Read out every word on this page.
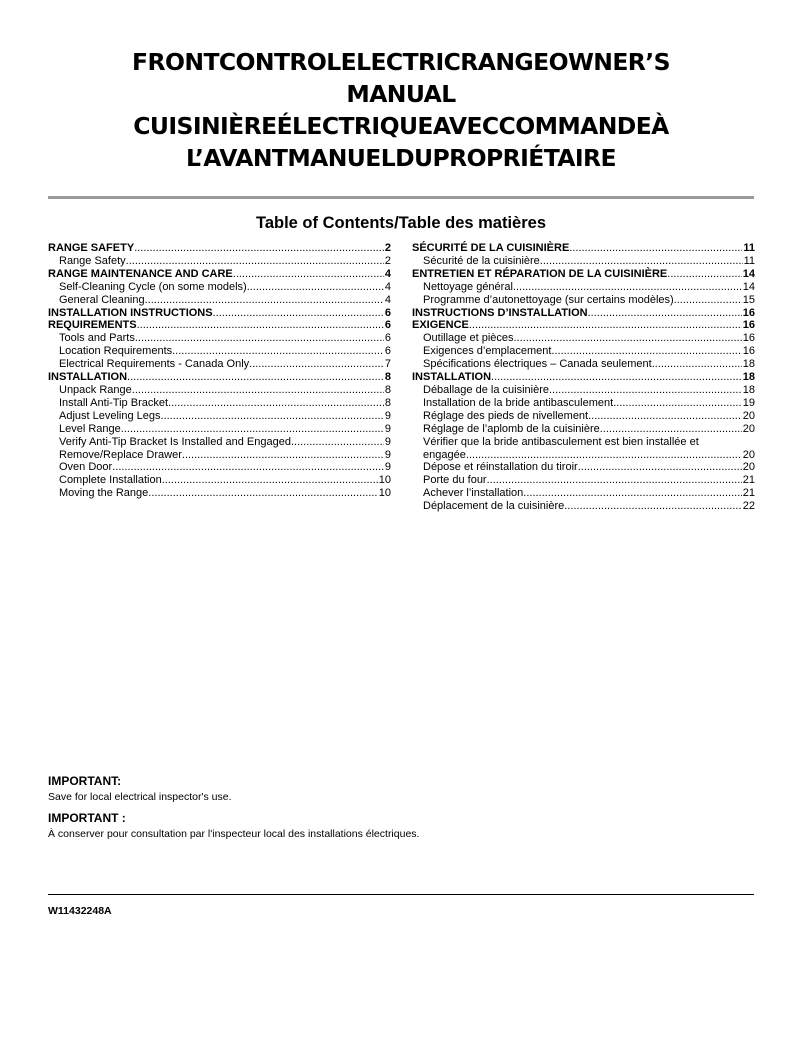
FRONTCONTROLELECTRICRANGEOWNER’S
MANUAL
CUISINIÈREÉLECTRIQUEAVECCOMMANDEÀ
L’AVANTMANUELDUPROPRIÉTAIRE
Table of Contents/Table des matières
RANGE SAFETY .....	2
Range Safety .....	2
RANGE MAINTENANCE AND CARE .....	4
Self-Cleaning Cycle (on some models) .....	4
General Cleaning .....	4
INSTALLATION INSTRUCTIONS .....	6
REQUIREMENTS .....	6
Tools and Parts .....	6
Location Requirements .....	6
Electrical Requirements - Canada Only .....	7
INSTALLATION .....	8
Unpack Range .....	8
Install Anti-Tip Bracket .....	8
Adjust Leveling Legs .....	9
Level Range .....	9
Verify Anti-Tip Bracket Is Installed and Engaged .....	9
Remove/Replace Drawer .....	9
Oven Door .....	9
Complete Installation .....	10
Moving the Range .....	10
SÉCURITÉ DE LA CUISINIÈRE .....	11
Sécurité de la cuisinière .....	11
ENTRETIEN ET RÉPARATION DE LA CUISINIÈRE .....	14
Nettoyage général .....	14
Programme d’autonettoyage (sur certains modèles) .....	15
INSTRUCTIONS D’INSTALLATION .....	16
EXIGENCE .....	16
Outillage et pièces .....	16
Exigences d’emplacement .....	16
Spécifications électriques – Canada seulement .....	18
INSTALLATION .....	18
Déballage de la cuisinière .....	18
Installation de la bride antibasculement .....	19
Réglage des pieds de nivellement .....	20
Réglage de l’aplomb de la cuisinière .....	20
Vérifier que la bride antibasculement est bien installée et
engagée .....	20
Dépose et réinstallation du tiroir .....	20
Porte du four .....	21
Achever l’installation .....	21
Déplacement de la cuisinière .....	22
IMPORTANT:
Save for local electrical inspector's use.
IMPORTANT :
À conserver pour consultation par l'inspecteur local des installations électriques.
W11432248A
